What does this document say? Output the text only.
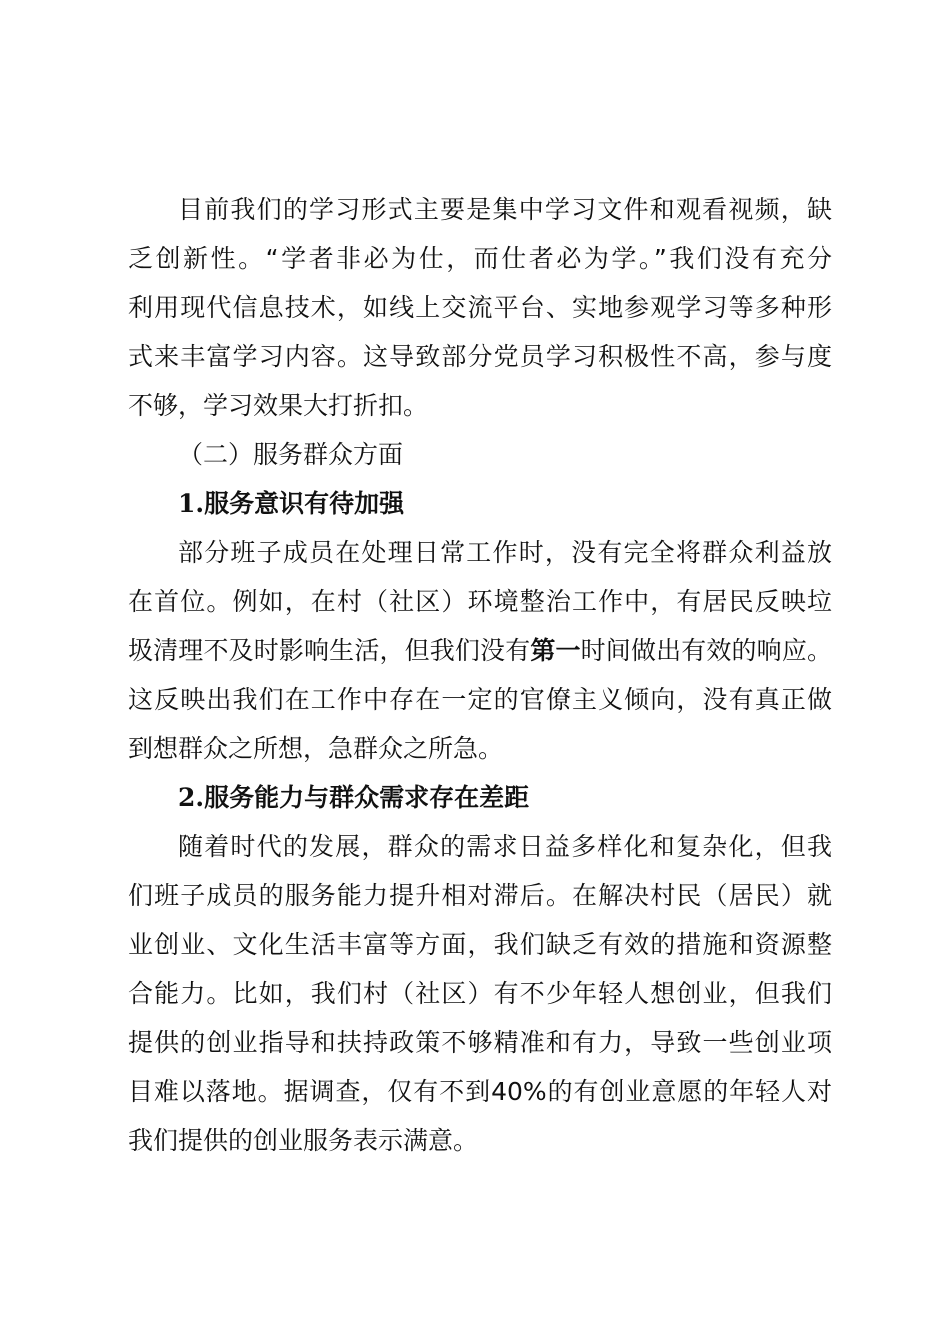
目前我们的学习形式主要是集中学习文件和观看视频，缺
乏创新性。“学者非必为仕，而仕者必为学。”我们没有充分
利用现代信息技术，如线上交流平台、实地参观学习等多种形
式来丰富学习内容。这导致部分党员学习积极性不高，参与度
不够，学习效果大打折扣。
（二）服务群众方面
1.服务意识有待加强
部分班子成员在处理日常工作时，没有完全将群众利益放
在首位。例如，在村（社区）环境整治工作中，有居民反映垃
圾清理不及时影响生活，但我们没有第一时间做出有效的响应。
这反映出我们在工作中存在一定的官僚主义倾向，没有真正做
到想群众之所想，急群众之所急。
2.服务能力与群众需求存在差距
随着时代的发展，群众的需求日益多样化和复杂化，但我
们班子成员的服务能力提升相对滞后。在解决村民（居民）就
业创业、文化生活丰富等方面，我们缺乏有效的措施和资源整
合能力。比如，我们村（社区）有不少年轻人想创业，但我们
提供的创业指导和扶持政策不够精准和有力，导致一些创业项
目难以落地。据调查，仅有不到40%的有创业意愿的年轻人对
我们提供的创业服务表示满意。
